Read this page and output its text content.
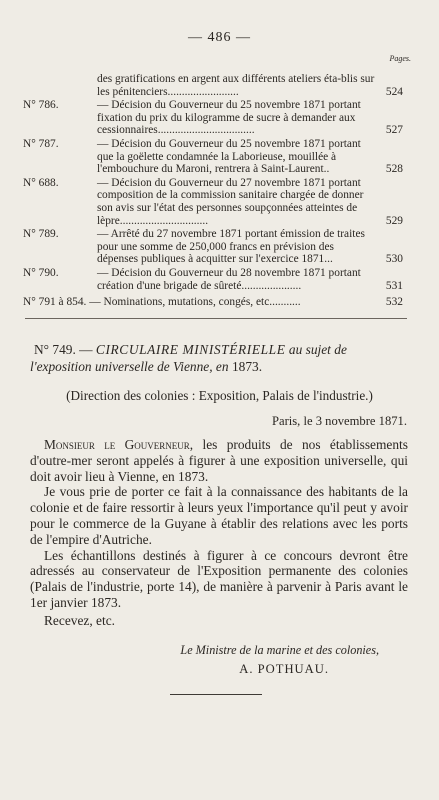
— 486 —
Pages.
des gratifications en argent aux différents ateliers éta-blis sur les pénitenciers.........................	524
N° 786.	— Décision du Gouverneur du 25 novembre 1871 portant fixation du prix du kilogramme de sucre à demander aux cessionnaires..................................	527
N° 787.	— Décision du Gouverneur du 25 novembre 1871 portant que la goëlette condamnée la Laborieuse, mouillée à l'embouchure du Maroni, rentrera à Saint-Laurent..	528
N° 688.	— Décision du Gouverneur du 27 novembre 1871 portant composition de la commission sanitaire chargée de donner son avis sur l'état des personnes soupçonnées atteintes de lèpre...............................	529
N° 789.	— Arrêté du 27 novembre 1871 portant émission de traites pour une somme de 250,000 francs en prévision des dépenses publiques à acquitter sur l'exercice 1871...	530
N° 790.	— Décision du Gouverneur du 28 novembre 1871 portant création d'une brigade de sûreté.....................	531
N° 791 à 854. — Nominations, mutations, congés, etc...........	532
N° 749. — CIRCULAIRE MINISTÉRIELLE au sujet de l'exposition universelle de Vienne, en 1873.
(Direction des colonies : Exposition, Palais de l'industrie.)
Paris, le 3 novembre 1871.

Monsieur le Gouverneur, les produits de nos établissements d'outre-mer seront appelés à figurer à une exposition universelle, qui doit avoir lieu à Vienne, en 1873.

Je vous prie de porter ce fait à la connaissance des habitants de la colonie et de faire ressortir à leurs yeux l'importance qu'il peut y avoir pour le commerce de la Guyane à établir des relations avec les ports de l'empire d'Autriche.

Les échantillons destinés à figurer à ce concours devront être adressés au conservateur de l'Exposition permanente des colonies (Palais de l'industrie, porte 14), de manière à parvenir à Paris avant le 1er janvier 1873.

Recevez, etc.
Le Ministre de la marine et des colonies,
A. POTHUAU.
